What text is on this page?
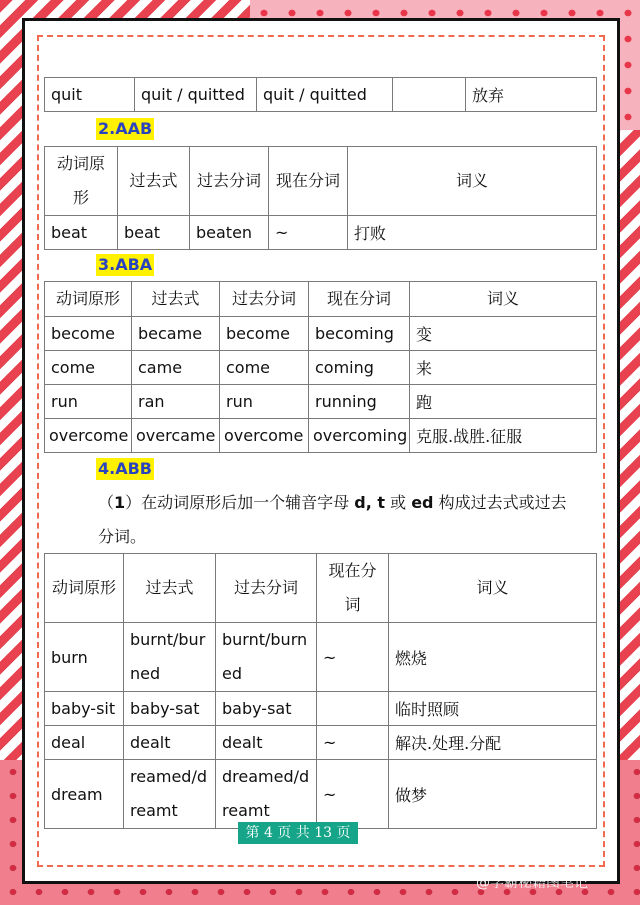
quit	quit / quitted	quit / quitted		放弃
2.AAB
动词原形	过去式	过去分词	现在分词	词义
beat	beat	beaten	~	打败
3.ABA
动词原形	过去式	过去分词	现在分词	词义
become	became	become	becoming	变
come	came	come	coming	来
run	ran	run	running	跑
overcome	overcame	overcome	overcoming	克服.战胜.征服
4.ABB
（1）在动词原形后加一个辅音字母 d, t 或 ed 构成过去式或过去分词。
动词原形	过去式	过去分词	现在分词	词义
burn	burnt/burned	burnt/burned	~	燃烧
baby-sit	baby-sat	baby-sat		临时照顾
deal	dealt	dealt	~	解决.处理.分配
dream	reamed/dreamt	dreamed/dreamt	~	做梦
第 4 页 共 13 页
@学霸秘籍图笔记
